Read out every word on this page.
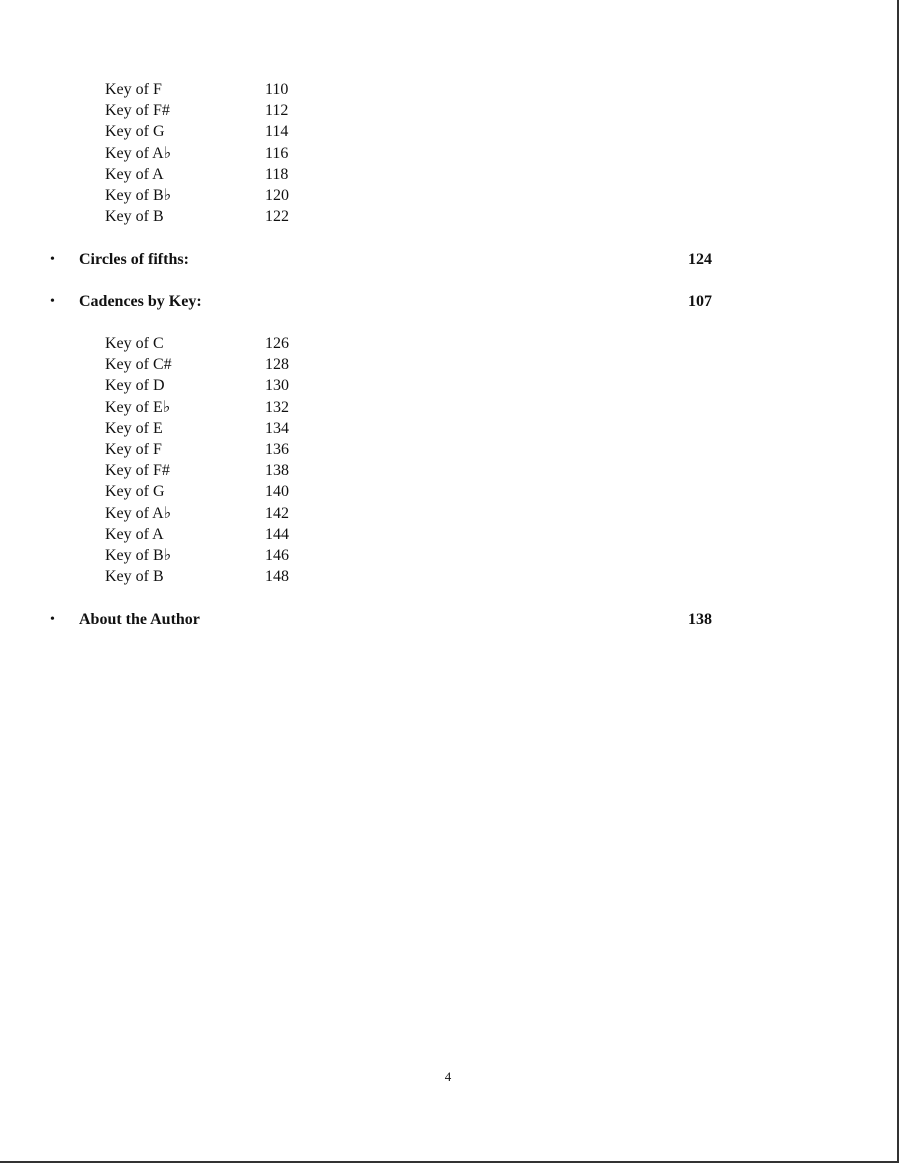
Key of F	110
Key of F#	112
Key of G	114
Key of A♭	116
Key of A	118
Key of B♭	120
Key of B	122
• Circles of fifths:	124
• Cadences by Key:	107
Key of C	126
Key of C#	128
Key of D	130
Key of E♭	132
Key of E	134
Key of F	136
Key of F#	138
Key of G	140
Key of A♭	142
Key of A	144
Key of B♭	146
Key of B	148
• About the Author	138
4
